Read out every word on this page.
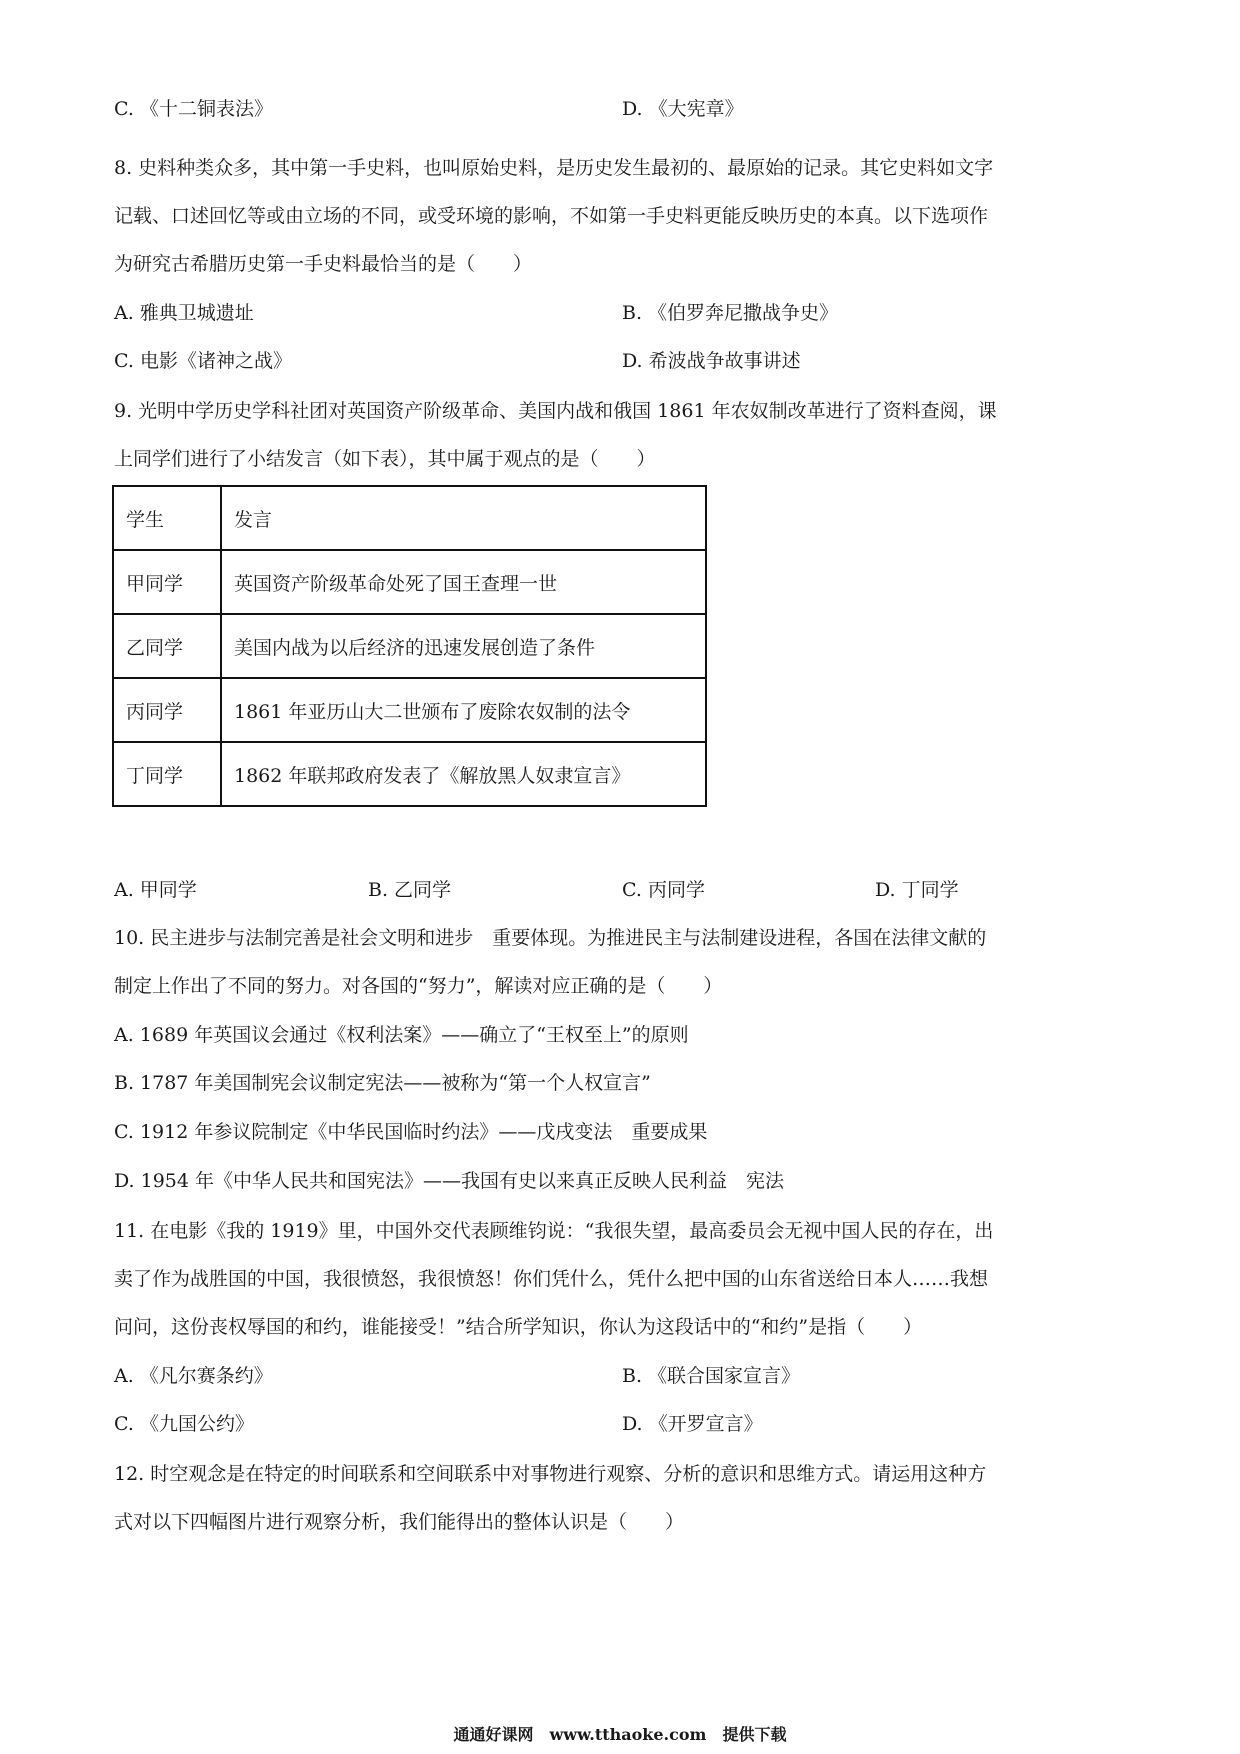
C. 《十二铜表法》	D. 《大宪章》
8. 史料种类众多，其中第一手史料，也叫原始史料，是历史发生最初的、最原始的记录。其它史料如文字
记载、口述回忆等或由立场的不同，或受环境的影响，不如第一手史料更能反映历史的本真。以下选项作
为研究古希腊历史第一手史料最恰当的是（　　）
A. 雅典卫城遗址	B. 《伯罗奔尼撒战争史》
C. 电影《诸神之战》	D. 希波战争故事讲述
9. 光明中学历史学科社团对英国资产阶级革命、美国内战和俄国 1861 年农奴制改革进行了资料查阅，课
上同学们进行了小结发言（如下表），其中属于观点的是（　　）
学生	发言
甲同学	英国资产阶级革命处死了国王查理一世
乙同学	美国内战为以后经济的迅速发展创造了条件
丙同学	1861 年亚历山大二世颁布了废除农奴制的法令
丁同学	1862 年联邦政府发表了《解放黑人奴隶宣言》
A. 甲同学	B. 乙同学	C. 丙同学	D. 丁同学
10. 民主进步与法制完善是社会文明和进步　重要体现。为推进民主与法制建设进程，各国在法律文献的
制定上作出了不同的努力。对各国的“努力”，解读对应正确的是（　　）
A. 1689 年英国议会通过《权利法案》——确立了“王权至上”的原则
B. 1787 年美国制宪会议制定宪法——被称为“第一个人权宣言”
C. 1912 年参议院制定《中华民国临时约法》——戊戌变法　重要成果
D. 1954 年《中华人民共和国宪法》——我国有史以来真正反映人民利益　宪法
11. 在电影《我的 1919》里，中国外交代表顾维钧说：“我很失望，最高委员会无视中国人民的存在，出
卖了作为战胜国的中国，我很愤怒，我很愤怒！你们凭什么，凭什么把中国的山东省送给日本人……我想
问问，这份丧权辱国的和约，谁能接受！”结合所学知识，你认为这段话中的“和约”是指（　　）
A. 《凡尔赛条约》	B. 《联合国家宣言》
C. 《九国公约》	D. 《开罗宣言》
12. 时空观念是在特定的时间联系和空间联系中对事物进行观察、分析的意识和思维方式。请运用这种方
式对以下四幅图片进行观察分析，我们能得出的整体认识是（　　）
通通好课网　www.tthaoke.com　提供下载
